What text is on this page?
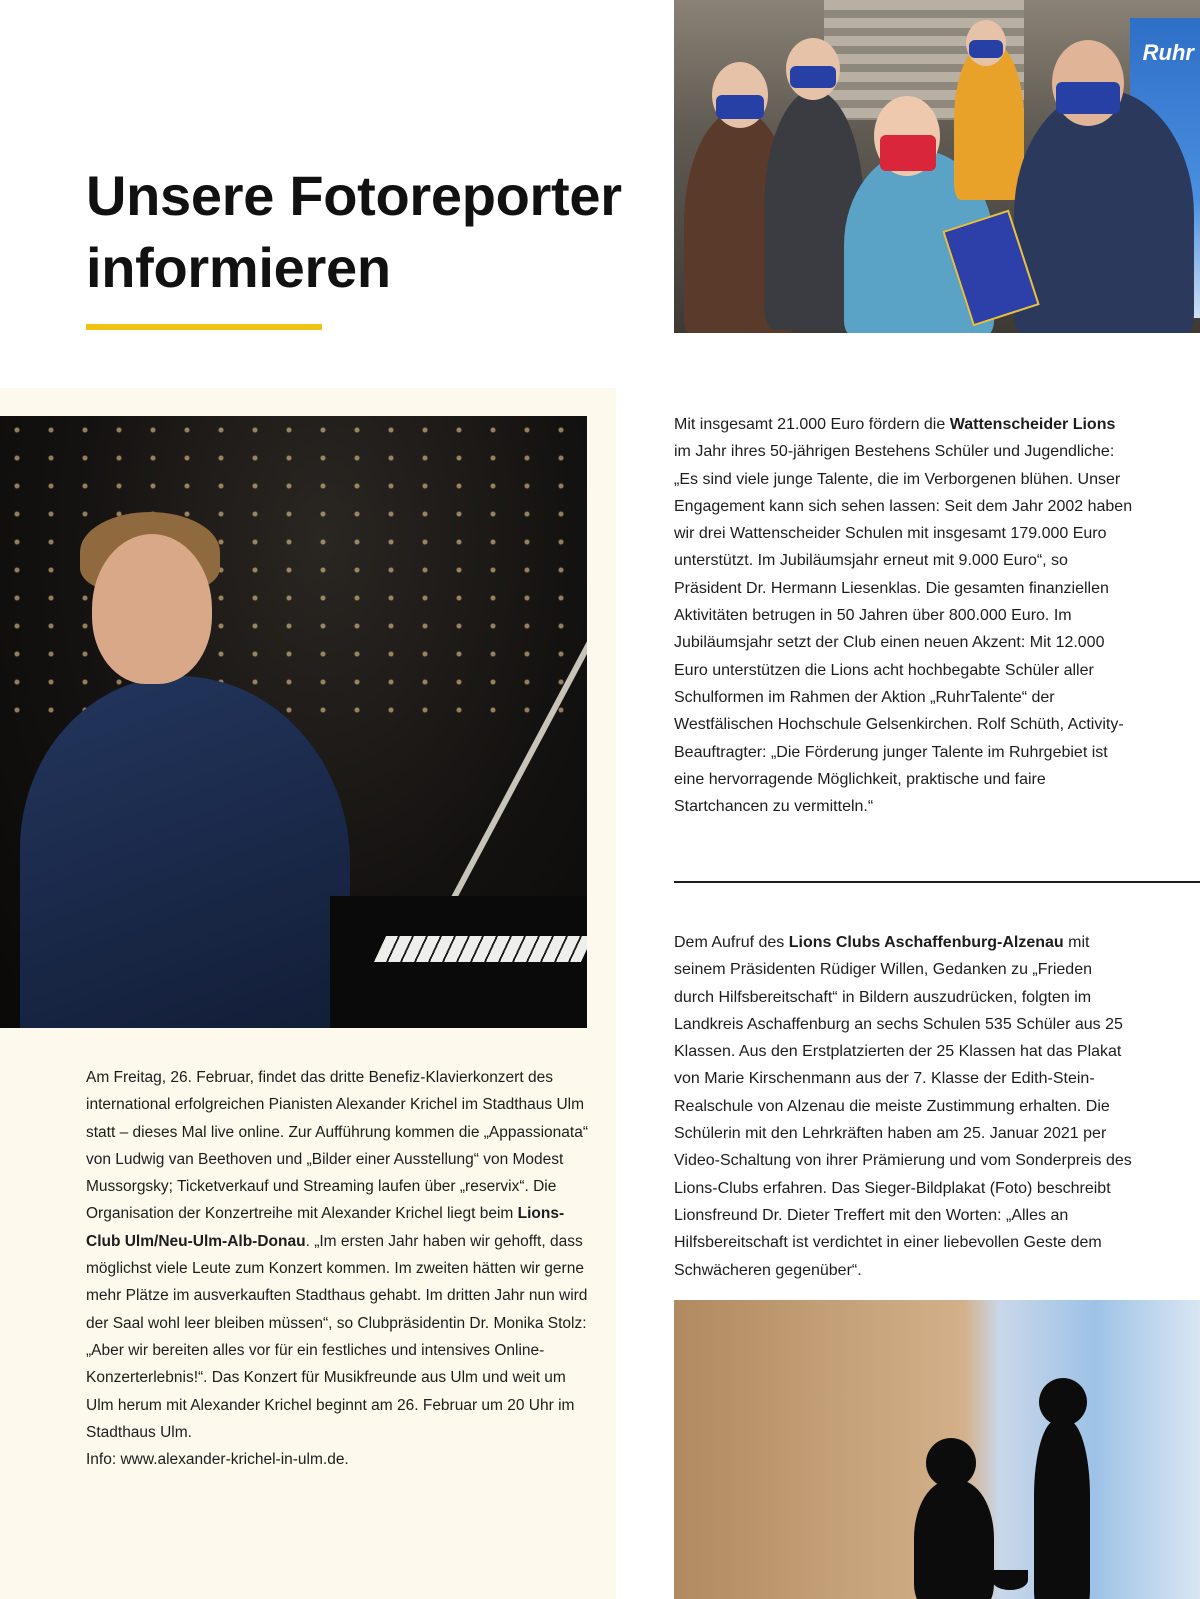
Unsere Fotoreporter
informieren
Ruhr

Mit insgesamt 21.000 Euro fördern die Wattenscheider Lions im Jahr ihres 50-jährigen Bestehens Schüler und Jugendliche: „Es sind viele junge Talente, die im Verborgenen blühen. Unser Engagement kann sich sehen lassen: Seit dem Jahr 2002 haben wir drei Wattenscheider Schulen mit insgesamt 179.000 Euro unterstützt. Im Jubiläumsjahr erneut mit 9.000 Euro“, so Präsident Dr. Hermann Liesenklas. Die gesamten finanziellen Aktivitäten betrugen in 50 Jahren über 800.000 Euro. Im Jubiläumsjahr setzt der Club einen neuen Akzent: Mit 12.000 Euro unterstützen die Lions acht hochbegabte Schüler aller Schulformen im Rahmen der Aktion „RuhrTalente“ der Westfälischen Hochschule Gelsenkirchen. Rolf Schüth, Activity-Beauftragter: „Die Förderung junger Talente im Ruhrgebiet ist eine hervorragende Möglichkeit, praktische und faire Startchancen zu vermitteln.“

Dem Aufruf des Lions Clubs Aschaffenburg-Alzenau mit seinem Präsidenten Rüdiger Willen, Gedanken zu „Frieden durch Hilfsbereitschaft“ in Bildern auszudrücken, folgten im Landkreis Aschaffenburg an sechs Schulen 535 Schüler aus 25 Klassen. Aus den Erstplatzierten der 25 Klassen hat das Plakat von Marie Kirschenmann aus der 7. Klasse der Edith-Stein-Realschule von Alzenau die meiste Zustimmung erhalten. Die Schülerin mit den Lehrkräften haben am 25. Januar 2021 per Video-Schaltung von ihrer Prämierung und vom Sonderpreis des Lions-Clubs erfahren. Das Sieger-Bildplakat (Foto) beschreibt Lionsfreund Dr. Dieter Treffert mit den Worten: „Alles an Hilfsbereitschaft ist verdichtet in einer liebevollen Geste dem Schwächeren gegenüber“.

Am Freitag, 26. Februar, findet das dritte Benefiz-Klavierkonzert des international erfolgreichen Pianisten Alexander Krichel im Stadthaus Ulm statt – dieses Mal live online. Zur Aufführung kommen die „Appassionata“ von Ludwig van Beethoven und „Bilder einer Ausstellung“ von Modest Mussorgsky; Ticketverkauf und Streaming laufen über „reservix“. Die Organisation der Konzertreihe mit Alexander Krichel liegt beim Lions-Club Ulm/Neu-Ulm-Alb-Donau. „Im ersten Jahr haben wir gehofft, dass möglichst viele Leute zum Konzert kommen. Im zweiten hätten wir gerne mehr Plätze im ausverkauften Stadthaus gehabt. Im dritten Jahr nun wird der Saal wohl leer bleiben müssen“, so Clubpräsidentin Dr. Monika Stolz: „Aber wir bereiten alles vor für ein festliches und intensives Online-Konzerterlebnis!“. Das Konzert für Musikfreunde aus Ulm und weit um Ulm herum mit Alexander Krichel beginnt am 26. Februar um 20 Uhr im Stadthaus Ulm.
Info: www.alexander-krichel-in-ulm.de.
